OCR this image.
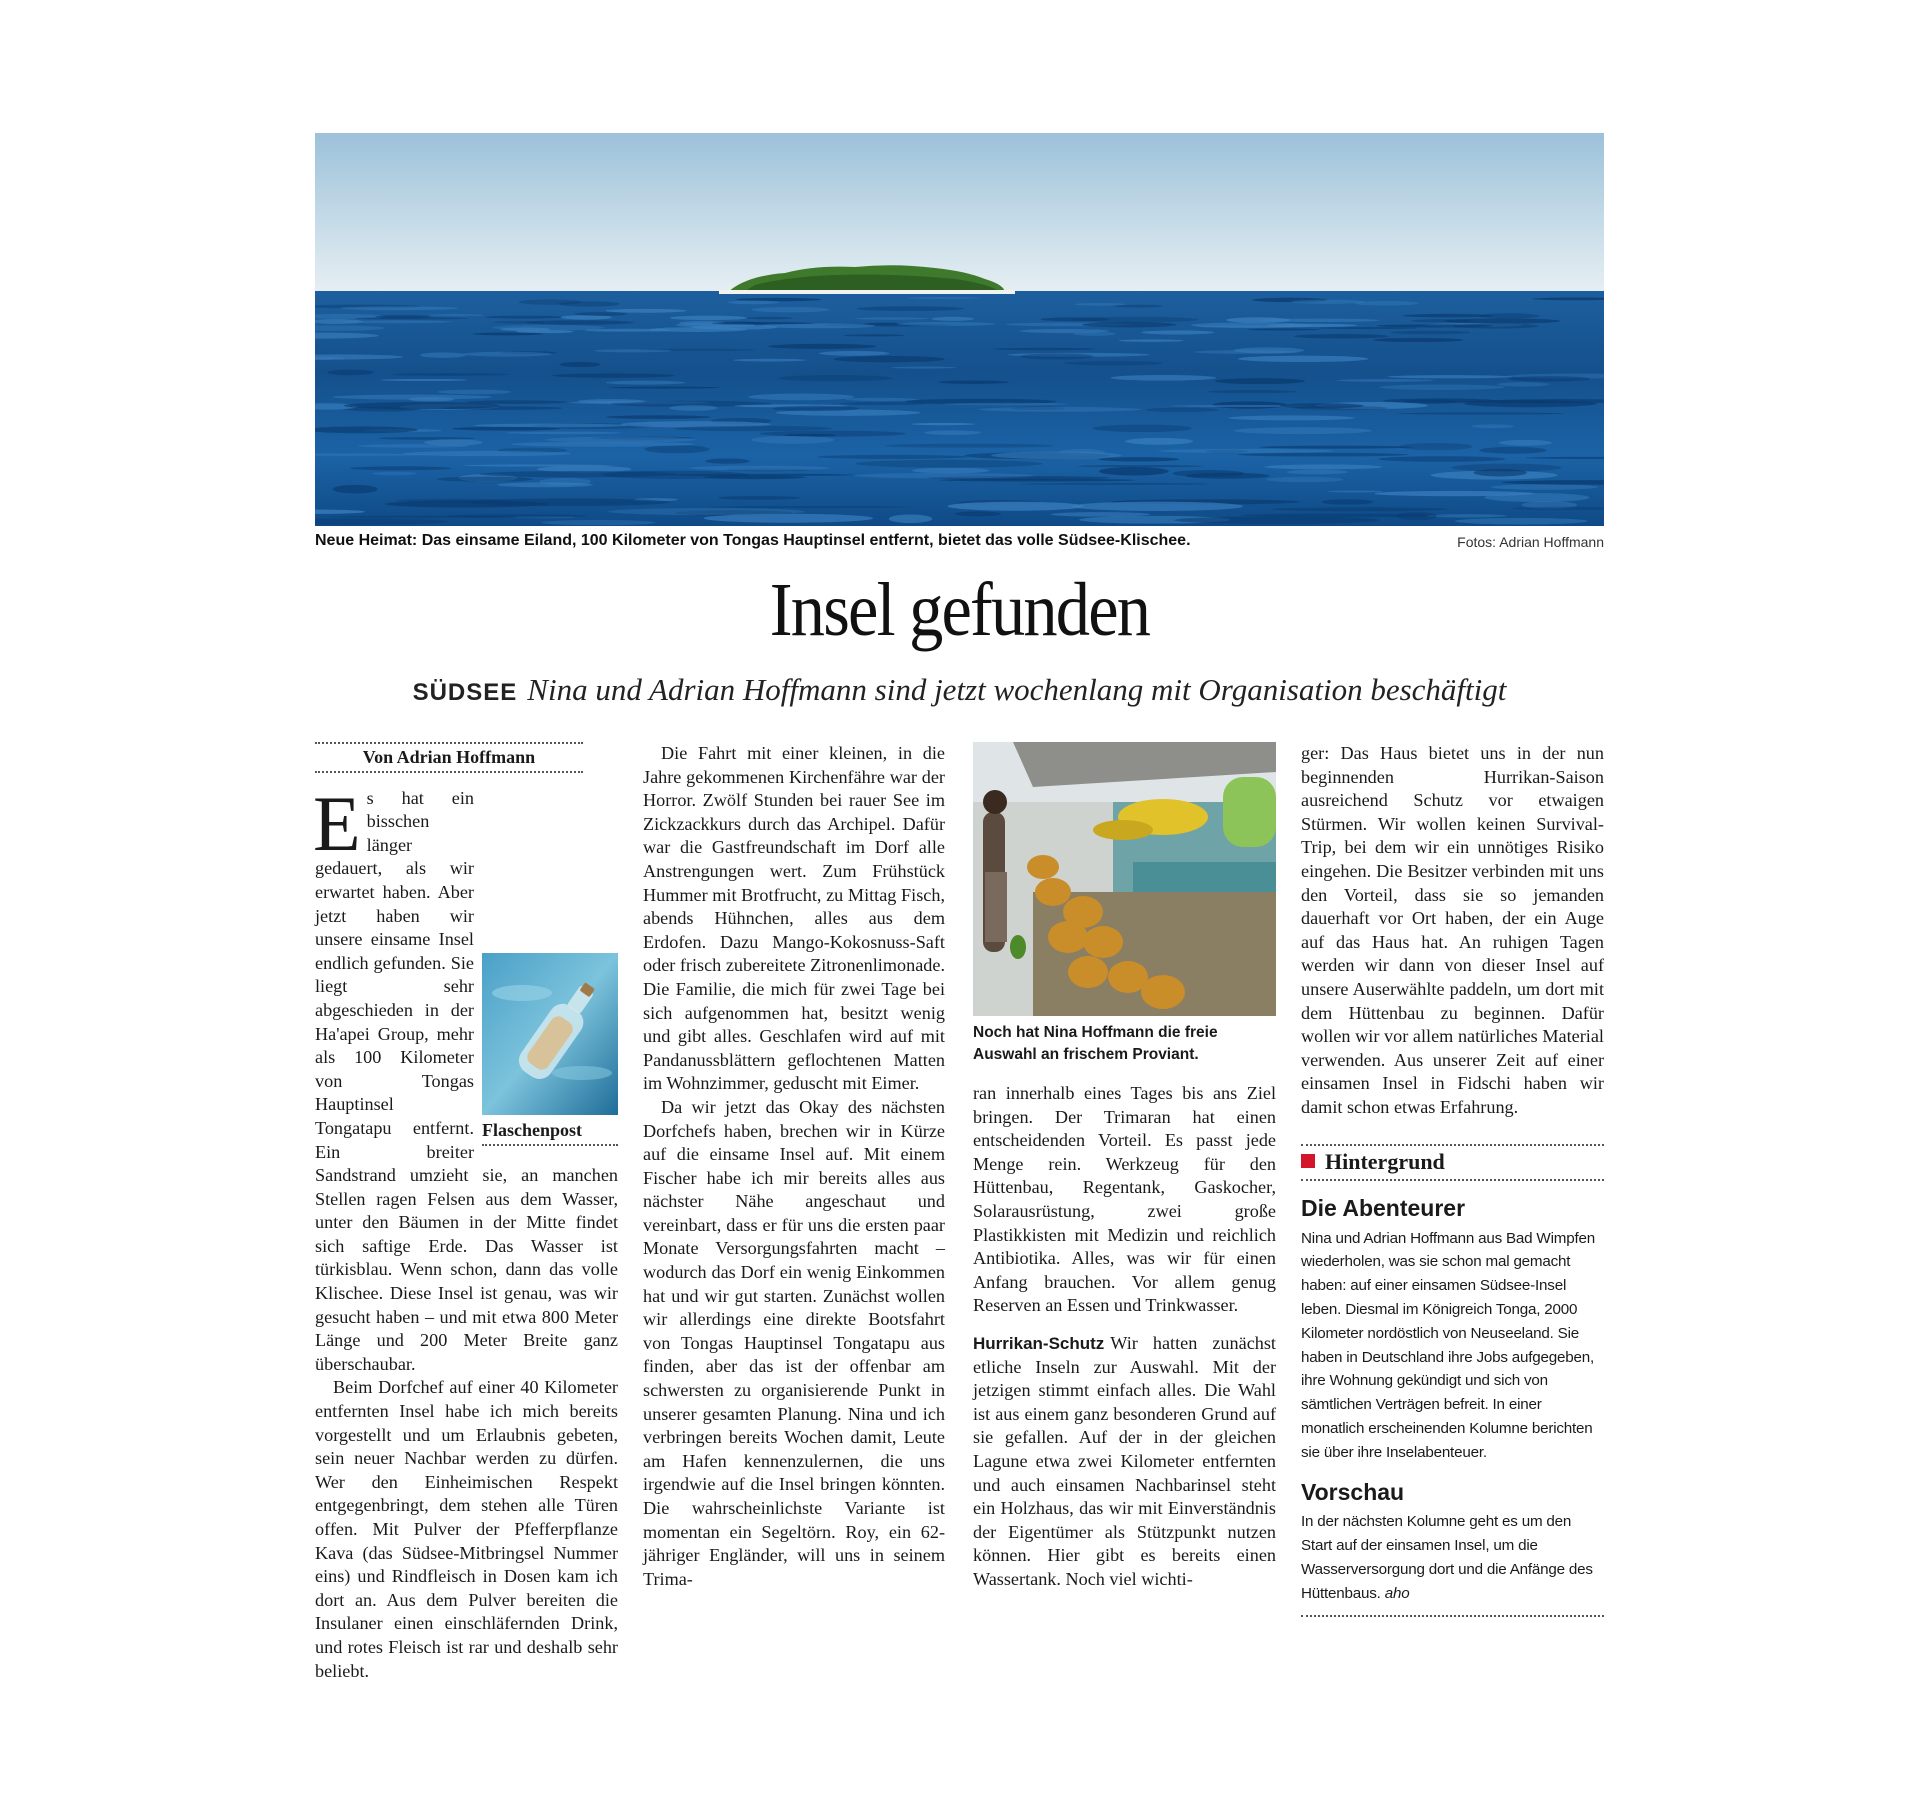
Neue Heimat: Das einsame Eiland, 100 Kilometer von Tongas Hauptinsel entfernt, bietet das volle Südsee-Klischee.	Fotos: Adrian Hoffmann
Insel gefunden
SÜDSEE Nina und Adrian Hoffmann sind jetzt wochenlang mit Organisation beschäftigt
Von Adrian Hoffmann
Flaschenpost

Es hat ein bisschen länger gedauert, als wir erwartet haben. Aber jetzt haben wir unsere einsame Insel endlich gefunden. Sie liegt sehr abgeschieden in der Ha'apei Group, mehr als 100 Kilometer von Tongas Hauptinsel Tongatapu entfernt. Ein breiter Sandstrand umzieht sie, an manchen Stellen ragen Felsen aus dem Wasser, unter den Bäumen in der Mitte findet sich saftige Erde. Das Wasser ist türkisblau. Wenn schon, dann das volle Klischee. Diese Insel ist genau, was wir gesucht haben – und mit etwa 800 Meter Länge und 200 Meter Breite ganz überschaubar.

Beim Dorfchef auf einer 40 Kilometer entfernten Insel habe ich mich bereits vorgestellt und um Erlaubnis gebeten, sein neuer Nachbar werden zu dürfen. Wer den Einheimischen Respekt entgegenbringt, dem stehen alle Türen offen. Mit Pulver der Pfefferpflanze Kava (das Südsee-Mitbringsel Nummer eins) und Rindfleisch in Dosen kam ich dort an. Aus dem Pulver bereiten die Insulaner einen einschläfernden Drink, und rotes Fleisch ist rar und deshalb sehr beliebt.

Die Fahrt mit einer kleinen, in die Jahre gekommenen Kirchenfähre war der Horror. Zwölf Stunden bei rauer See im Zickzackkurs durch das Archipel. Dafür war die Gastfreundschaft im Dorf alle Anstrengungen wert. Zum Frühstück Hummer mit Brotfrucht, zu Mittag Fisch, abends Hühnchen, alles aus dem Erdofen. Dazu Mango-Kokosnuss-Saft oder frisch zubereitete Zitronenlimonade. Die Familie, die mich für zwei Tage bei sich aufgenommen hat, besitzt wenig und gibt alles. Geschlafen wird auf mit Pandanussblättern geflochtenen Matten im Wohnzimmer, geduscht mit Eimer.

Da wir jetzt das Okay des nächsten Dorfchefs haben, brechen wir in Kürze auf die einsame Insel auf. Mit einem Fischer habe ich mir bereits alles aus nächster Nähe angeschaut und vereinbart, dass er für uns die ersten paar Monate Versorgungsfahrten macht – wodurch das Dorf ein wenig Einkommen hat und wir gut starten. Zunächst wollen wir allerdings eine direkte Bootsfahrt von Tongas Hauptinsel Tongatapu aus finden, aber das ist der offenbar am schwersten zu organisierende Punkt in unserer gesamten Planung. Nina und ich verbringen bereits Wochen damit, Leute am Hafen kennenzulernen, die uns irgendwie auf die Insel bringen könnten. Die wahrscheinlichste Variante ist momentan ein Segeltörn. Roy, ein 62-jähriger Engländer, will uns in seinem Trima-

Noch hat Nina Hoffmann die freie Auswahl an frischem Proviant.

ran innerhalb eines Tages bis ans Ziel bringen. Der Trimaran hat einen entscheidenden Vorteil. Es passt jede Menge rein. Werkzeug für den Hüttenbau, Regentank, Gaskocher, Solarausrüstung, zwei große Plastikkisten mit Medizin und reichlich Antibiotika. Alles, was wir für einen Anfang brauchen. Vor allem genug Reserven an Essen und Trinkwasser.

Hurrikan-Schutz Wir hatten zunächst etliche Inseln zur Auswahl. Mit der jetzigen stimmt einfach alles. Die Wahl ist aus einem ganz besonderen Grund auf sie gefallen. Auf der in der gleichen Lagune etwa zwei Kilometer entfernten und auch einsamen Nachbarinsel steht ein Holzhaus, das wir mit Einverständnis der Eigentümer als Stützpunkt nutzen können. Hier gibt es bereits einen Wassertank. Noch viel wichti-

ger: Das Haus bietet uns in der nun beginnenden Hurrikan-Saison ausreichend Schutz vor etwaigen Stürmen. Wir wollen keinen Survival-Trip, bei dem wir ein unnötiges Risiko eingehen. Die Besitzer verbinden mit uns den Vorteil, dass sie so jemanden dauerhaft vor Ort haben, der ein Auge auf das Haus hat. An ruhigen Tagen werden wir dann von dieser Insel auf unsere Auserwählte paddeln, um dort mit dem Hüttenbau zu beginnen. Dafür wollen wir vor allem natürliches Material verwenden. Aus unserer Zeit auf einer einsamen Insel in Fidschi haben wir damit schon etwas Erfahrung.

Hintergrund
Die Abenteurer
Nina und Adrian Hoffmann aus Bad Wimpfen wiederholen, was sie schon mal gemacht haben: auf einer einsamen Südsee-Insel leben. Diesmal im Königreich Tonga, 2000 Kilometer nordöstlich von Neuseeland. Sie haben in Deutschland ihre Jobs aufgegeben, ihre Wohnung gekündigt und sich von sämtlichen Verträgen befreit. In einer monatlich erscheinenden Kolumne berichten sie über ihre Inselabenteuer.
Vorschau
In der nächsten Kolumne geht es um den Start auf der einsamen Insel, um die Wasserversorgung dort und die Anfänge des Hüttenbaus. aho
